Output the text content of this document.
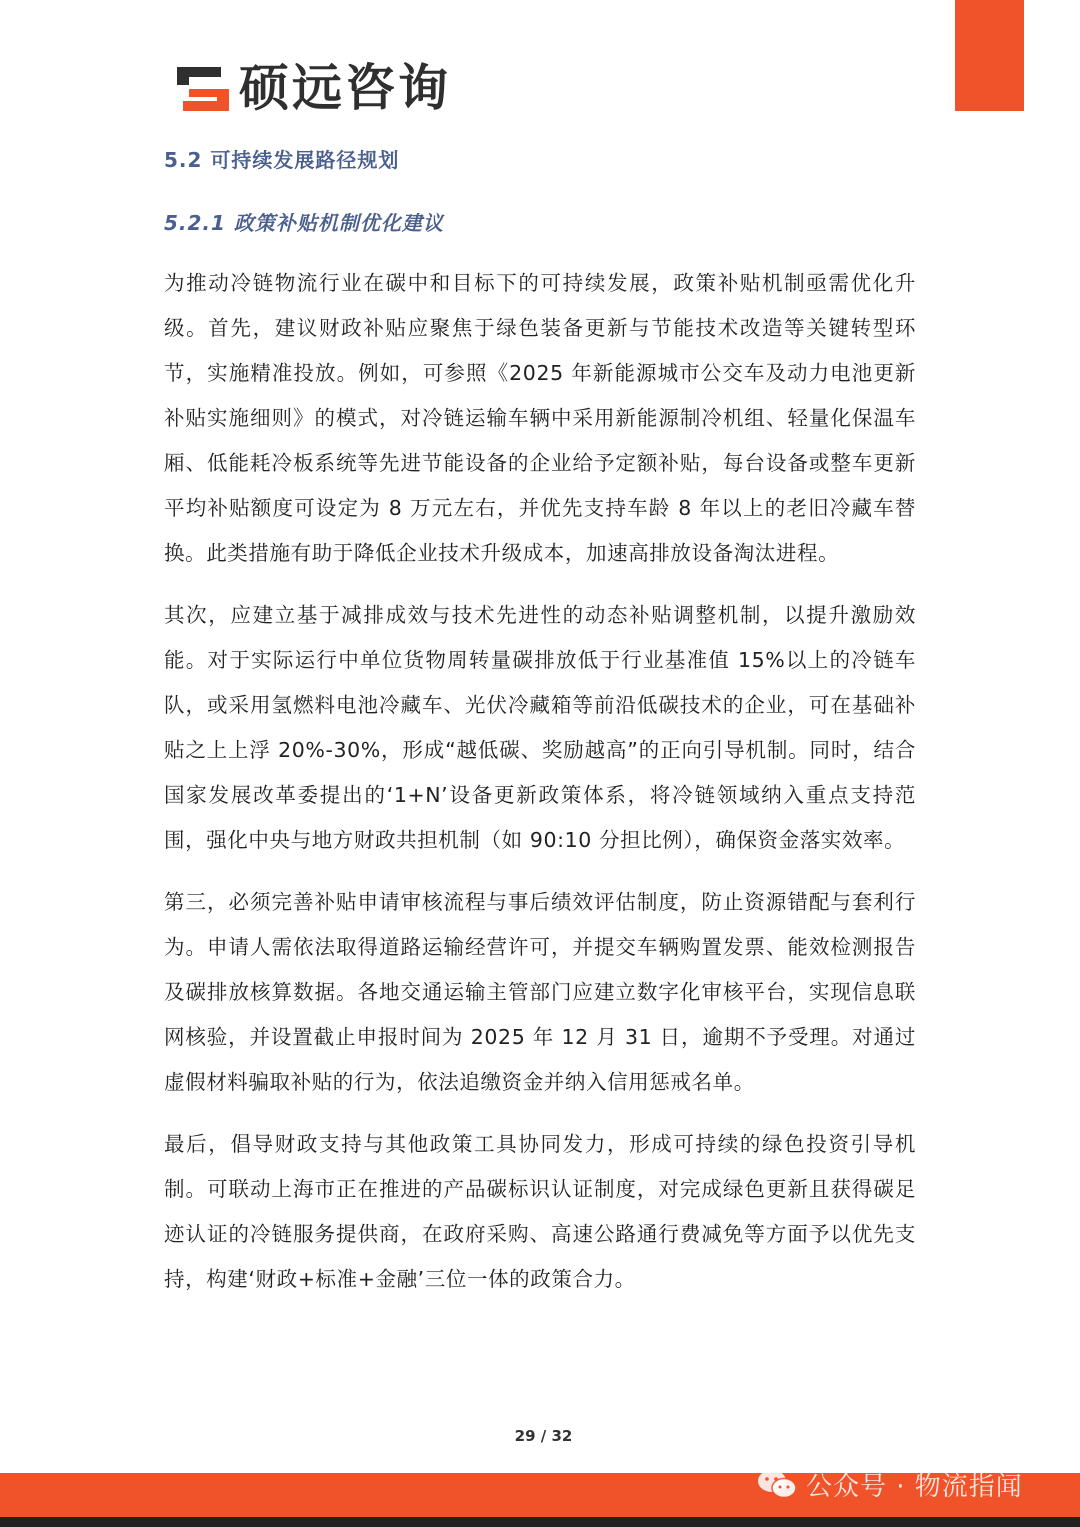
硕远咨询
5.2 可持续发展路径规划
5.2.1 政策补贴机制优化建议

为推动冷链物流行业在碳中和目标下的可持续发展，政策补贴机制亟需优化升级。首先，建议财政补贴应聚焦于绿色装备更新与节能技术改造等关键转型环节，实施精准投放。例如，可参照《2025 年新能源城市公交车及动力电池更新补贴实施细则》的模式，对冷链运输车辆中采用新能源制冷机组、轻量化保温车厢、低能耗冷板系统等先进节能设备的企业给予定额补贴，每台设备或整车更新平均补贴额度可设定为 8 万元左右，并优先支持车龄 8 年以上的老旧冷藏车替换。此类措施有助于降低企业技术升级成本，加速高排放设备淘汰进程。

其次，应建立基于减排成效与技术先进性的动态补贴调整机制，以提升激励效能。对于实际运行中单位货物周转量碳排放低于行业基准值 15%以上的冷链车队，或采用氢燃料电池冷藏车、光伏冷藏箱等前沿低碳技术的企业，可在基础补贴之上上浮 20%-30%，形成“越低碳、奖励越高”的正向引导机制。同时，结合国家发展改革委提出的‘1+N’设备更新政策体系，将冷链领域纳入重点支持范围，强化中央与地方财政共担机制（如 90:10 分担比例），确保资金落实效率。

第三，必须完善补贴申请审核流程与事后绩效评估制度，防止资源错配与套利行为。申请人需依法取得道路运输经营许可，并提交车辆购置发票、能效检测报告及碳排放核算数据。各地交通运输主管部门应建立数字化审核平台，实现信息联网核验，并设置截止申报时间为 2025 年 12 月 31 日，逾期不予受理。对通过虚假材料骗取补贴的行为，依法追缴资金并纳入信用惩戒名单。

最后，倡导财政支持与其他政策工具协同发力，形成可持续的绿色投资引导机制。可联动上海市正在推进的产品碳标识认证制度，对完成绿色更新且获得碳足迹认证的冷链服务提供商，在政府采购、高速公路通行费减免等方面予以优先支持，构建‘财政+标准+金融’三位一体的政策合力。

29 / 32
公众号 · 物流指闻
